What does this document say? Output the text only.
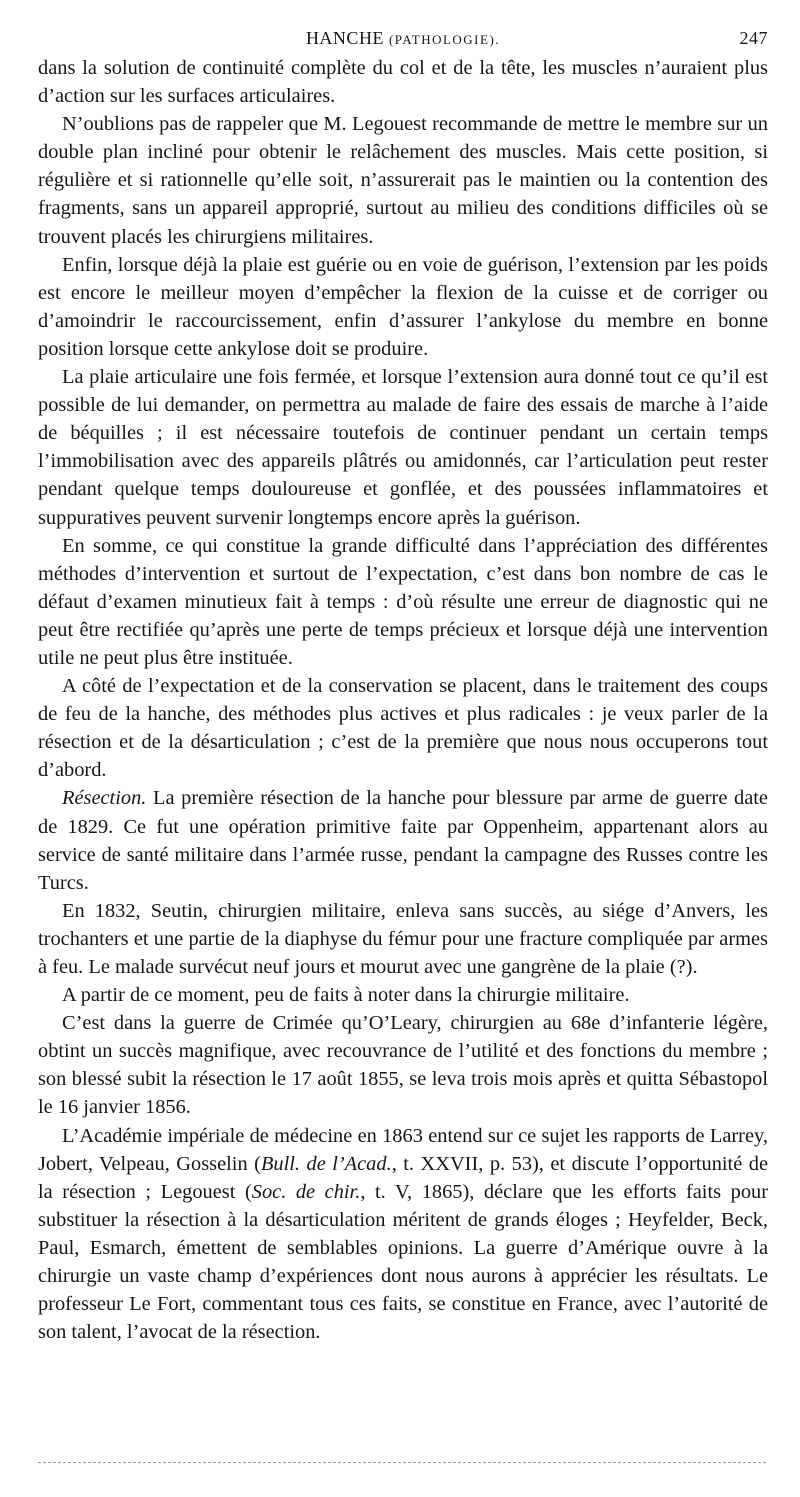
HANCHE (PATHOLOGIE).	247

dans la solution de continuité complète du col et de la tête, les muscles n’auraient plus d’action sur les surfaces articulaires.

N’oublions pas de rappeler que M. Legouest recommande de mettre le membre sur un double plan incliné pour obtenir le relâchement des muscles. Mais cette position, si régulière et si rationnelle qu’elle soit, n’assurerait pas le maintien ou la contention des fragments, sans un appareil approprié, surtout au milieu des conditions difficiles où se trouvent placés les chirurgiens militaires.

Enfin, lorsque déjà la plaie est guérie ou en voie de guérison, l’extension par les poids est encore le meilleur moyen d’empêcher la flexion de la cuisse et de corriger ou d’amoindrir le raccourcissement, enfin d’assurer l’ankylose du membre en bonne position lorsque cette ankylose doit se produire.

La plaie articulaire une fois fermée, et lorsque l’extension aura donné tout ce qu’il est possible de lui demander, on permettra au malade de faire des essais de marche à l’aide de béquilles ; il est nécessaire toutefois de continuer pendant un certain temps l’immobilisation avec des appareils plâtrés ou amidonnés, car l’articulation peut rester pendant quelque temps douloureuse et gonflée, et des poussées inflammatoires et suppuratives peuvent survenir longtemps encore après la guérison.

En somme, ce qui constitue la grande difficulté dans l’appréciation des différentes méthodes d’intervention et surtout de l’expectation, c’est dans bon nombre de cas le défaut d’examen minutieux fait à temps : d’où résulte une erreur de diagnostic qui ne peut être rectifiée qu’après une perte de temps précieux et lorsque déjà une intervention utile ne peut plus être instituée.

A côté de l’expectation et de la conservation se placent, dans le traitement des coups de feu de la hanche, des méthodes plus actives et plus radicales : je veux parler de la résection et de la désarticulation ; c’est de la première que nous nous occuperons tout d’abord.

Résection. La première résection de la hanche pour blessure par arme de guerre date de 1829. Ce fut une opération primitive faite par Oppenheim, appartenant alors au service de santé militaire dans l’armée russe, pendant la campagne des Russes contre les Turcs.

En 1832, Seutin, chirurgien militaire, enleva sans succès, au siége d’Anvers, les trochanters et une partie de la diaphyse du fémur pour une fracture compliquée par armes à feu. Le malade survécut neuf jours et mourut avec une gangrène de la plaie (?).

A partir de ce moment, peu de faits à noter dans la chirurgie militaire.

C’est dans la guerre de Crimée qu’O’Leary, chirurgien au 68e d’infanterie légère, obtint un succès magnifique, avec recouvrance de l’utilité et des fonctions du membre ; son blessé subit la résection le 17 août 1855, se leva trois mois après et quitta Sébastopol le 16 janvier 1856.

L’Académie impériale de médecine en 1863 entend sur ce sujet les rapports de Larrey, Jobert, Velpeau, Gosselin (Bull. de l’Acad., t. XXVII, p. 53), et discute l’opportunité de la résection ; Legouest (Soc. de chir., t. V, 1865), déclare que les efforts faits pour substituer la résection à la désarticulation méritent de grands éloges ; Heyfelder, Beck, Paul, Esmarch, émettent de semblables opinions. La guerre d’Amérique ouvre à la chirurgie un vaste champ d’expériences dont nous aurons à apprécier les résultats. Le professeur Le Fort, commentant tous ces faits, se constitue en France, avec l’autorité de son talent, l’avocat de la résection.
